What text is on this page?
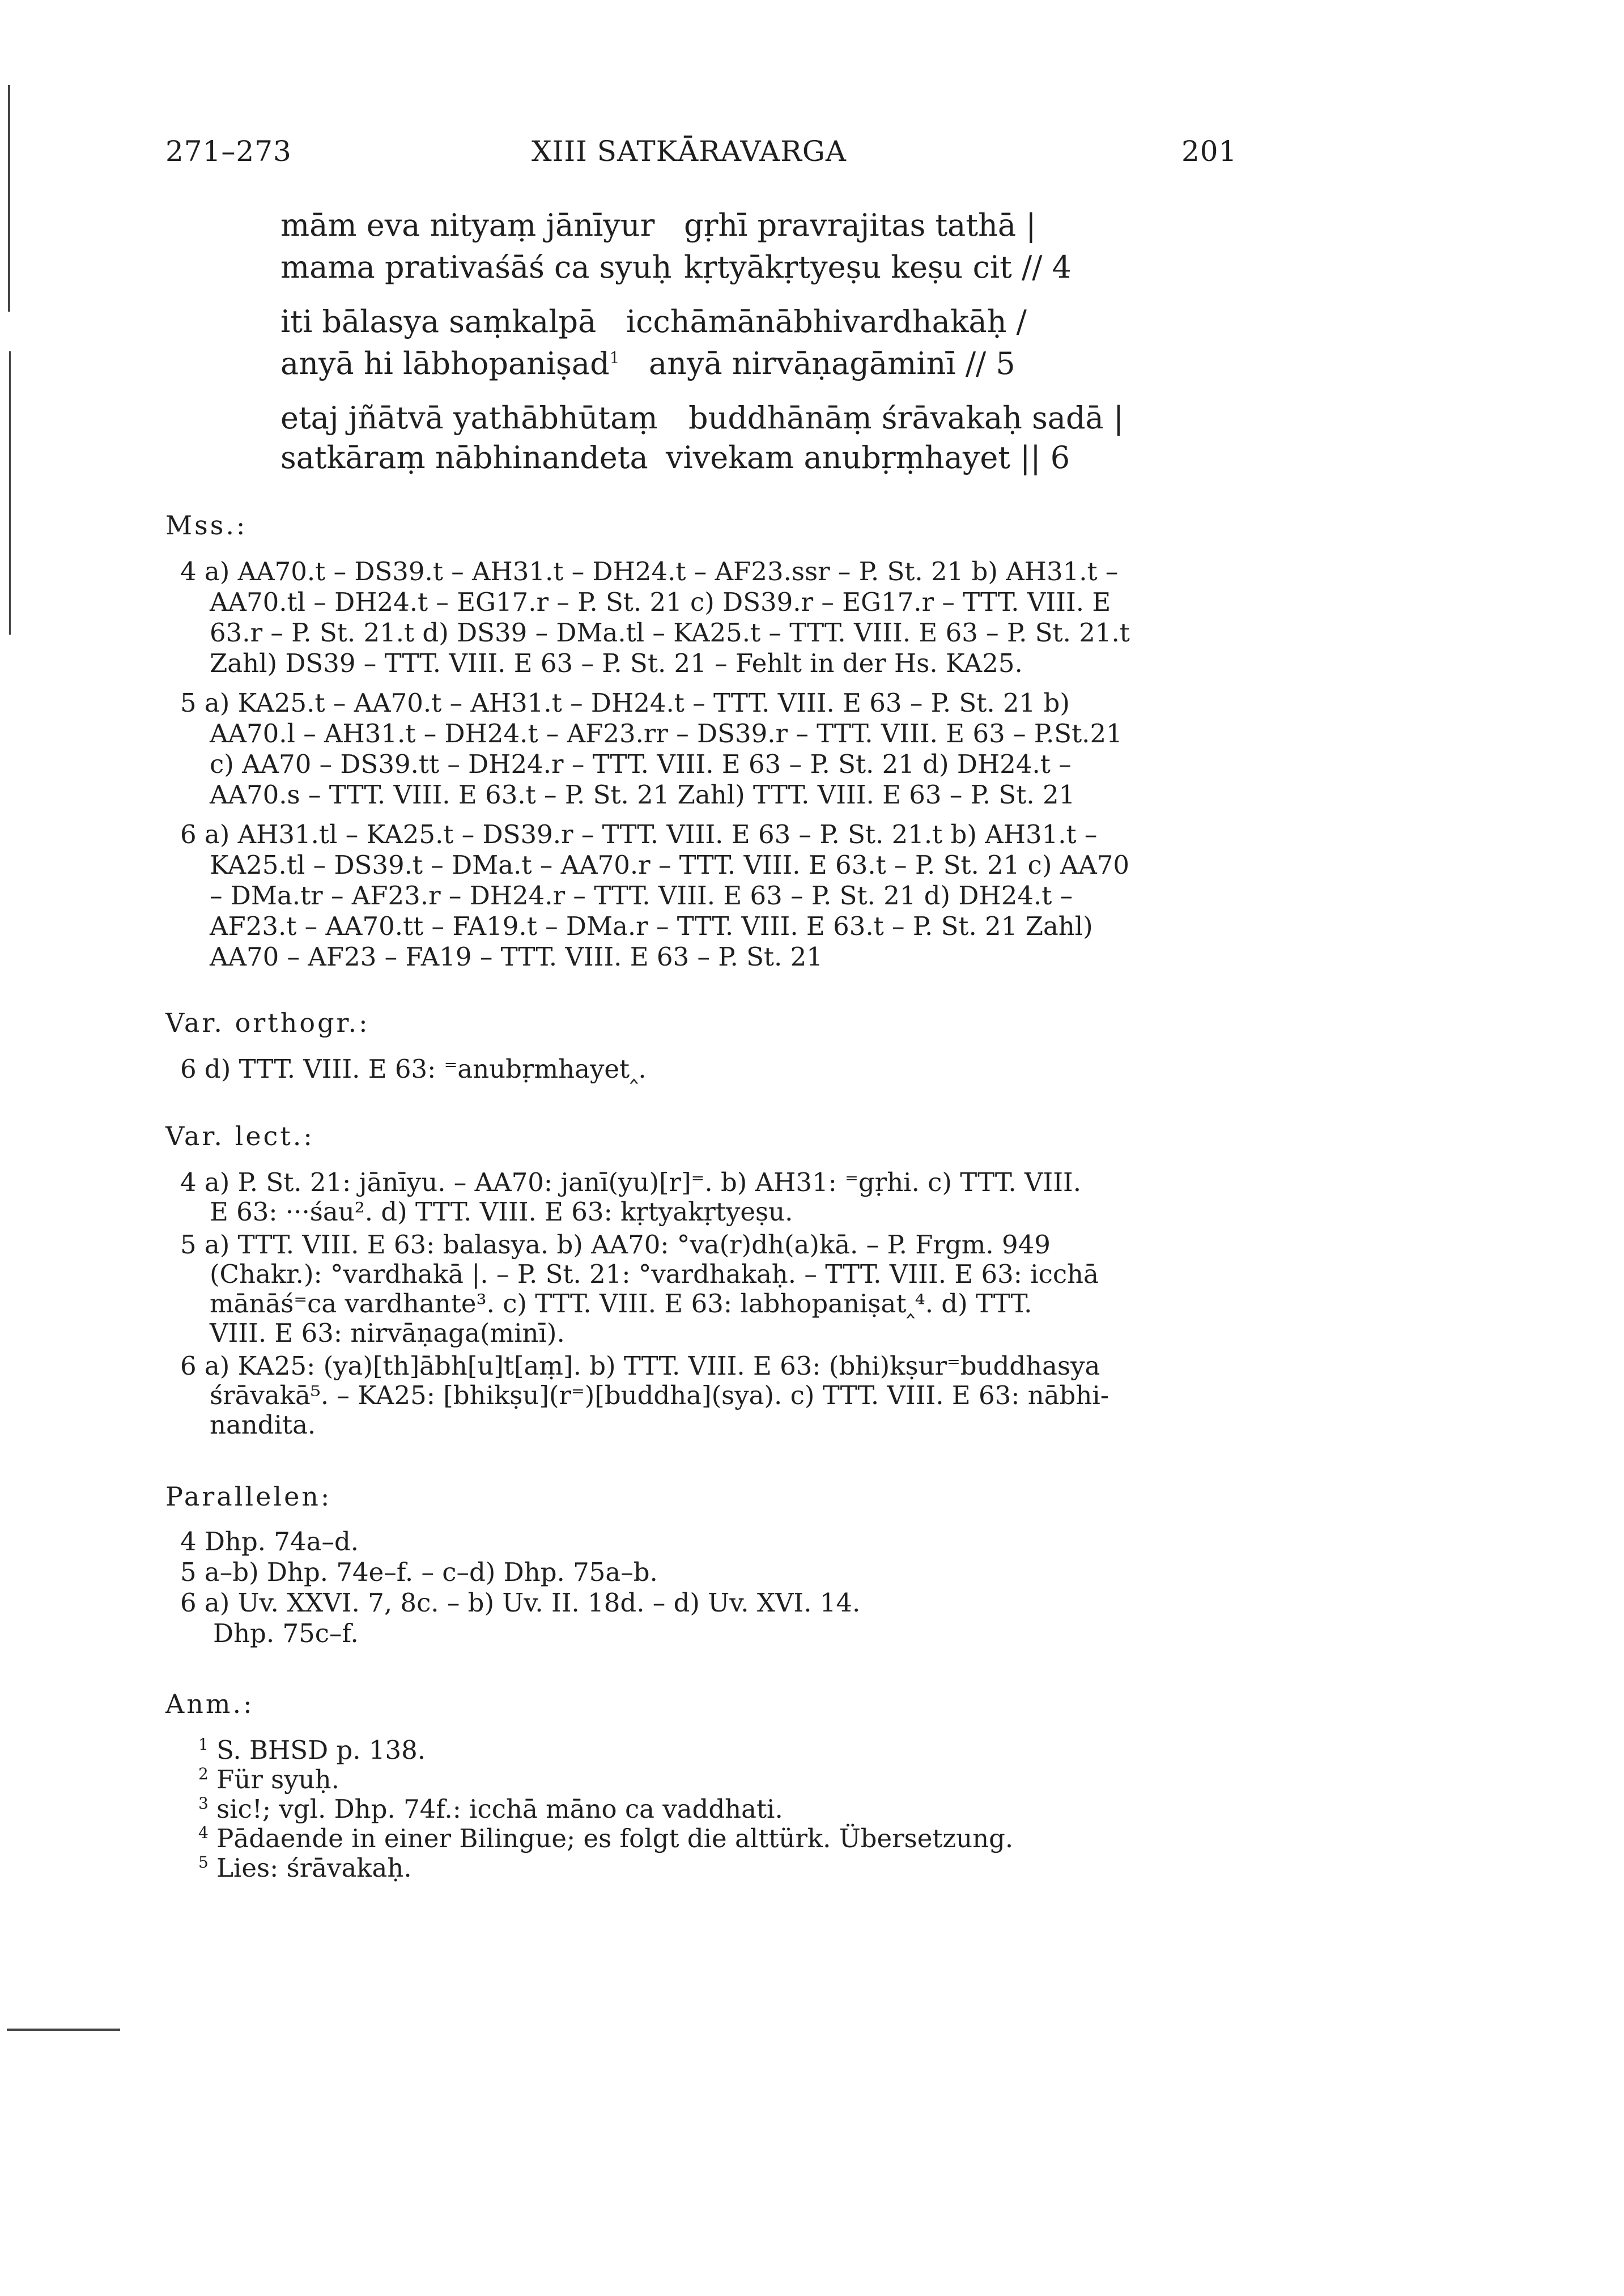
271–273	XIII SATKĀRAVARGA	201
mām eva nityaṃ jānīyur gṛhī pravrajitas tathā |
mama prativaśāś ca syuḥ kṛtyākṛtyeṣu keṣu cit // 4
iti bālasya saṃkalpā icchāmānābhivardhakāḥ /
anyā hi lābhopaniṣad$^1$ anyā nirvāṇagāminī // 5
etaj jñātvā yathābhūtaṃ buddhānāṃ śrāvakaḥ sadā |
satkāraṃ nābhinandeta vivekam anubṛṃhayet || 6
Mss.:
4 a) AA70.t – DS39.t – AH31.t – DH24.t – AF23.ssr – P. St. 21 b) AH31.t –
AA70.tl – DH24.t – EG17.r – P. St. 21 c) DS39.r – EG17.r – TTT. VIII. E
63.r – P. St. 21.t d) DS39 – DMa.tl – KA25.t – TTT. VIII. E 63 – P. St. 21.t
Zahl) DS39 – TTT. VIII. E 63 – P. St. 21 – Fehlt in der Hs. KA25.
5 a) KA25.t – AA70.t – AH31.t – DH24.t – TTT. VIII. E 63 – P. St. 21 b)
AA70.l – AH31.t – DH24.t – AF23.rr – DS39.r – TTT. VIII. E 63 – P.St.21
c) AA70 – DS39.tt – DH24.r – TTT. VIII. E 63 – P. St. 21 d) DH24.t –
AA70.s – TTT. VIII. E 63.t – P. St. 21 Zahl) TTT. VIII. E 63 – P. St. 21
6 a) AH31.tl – KA25.t – DS39.r – TTT. VIII. E 63 – P. St. 21.t b) AH31.t –
KA25.tl – DS39.t – DMa.t – AA70.r – TTT. VIII. E 63.t – P. St. 21 c) AA70
– DMa.tr – AF23.r – DH24.r – TTT. VIII. E 63 – P. St. 21 d) DH24.t –
AF23.t – AA70.tt – FA19.t – DMa.r – TTT. VIII. E 63.t – P. St. 21 Zahl)
AA70 – AF23 – FA19 – TTT. VIII. E 63 – P. St. 21
Var. orthogr.:
6 d) TTT. VIII. E 63: ⁼anubṛmhayet‸.
Var. lect.:
4 a) P. St. 21: jānīyu. – AA70: janī(yu)[r]⁼. b) AH31: ⁼gṛhi. c) TTT. VIII.
E 63: ···śau². d) TTT. VIII. E 63: kṛtyakṛtyeṣu.
5 a) TTT. VIII. E 63: balasya. b) AA70: °va(r)dh(a)kā. – P. Frgm. 949
(Chakr.): °vardhakā |. – P. St. 21: °vardhakaḥ. – TTT. VIII. E 63: icchā
mānāś⁼ca vardhante³. c) TTT. VIII. E 63: labhopaniṣat‸⁴. d) TTT.
VIII. E 63: nirvāṇaga(minī).
6 a) KA25: (ya)[th]ābh[u]t[aṃ]. b) TTT. VIII. E 63: (bhi)kṣur⁼buddhasya
śrāvakā⁵. – KA25: [bhikṣu](r⁼)[buddha](sya). c) TTT. VIII. E 63: nābhi-
nandita.
Parallelen:
4 Dhp. 74a–d.
5 a–b) Dhp. 74e–f. – c–d) Dhp. 75a–b.
6 a) Uv. XXVI. 7, 8c. – b) Uv. II. 18d. – d) Uv. XVI. 14.
Dhp. 75c–f.
Anm.:
$^1$ S. BHSD p. 138.
$^2$ Für syuḥ.
$^3$ sic!; vgl. Dhp. 74f.: icchā māno ca vaddhati.
$^4$ Pādaende in einer Bilingue; es folgt die alttürk. Übersetzung.
$^5$ Lies: śrāvakaḥ.
